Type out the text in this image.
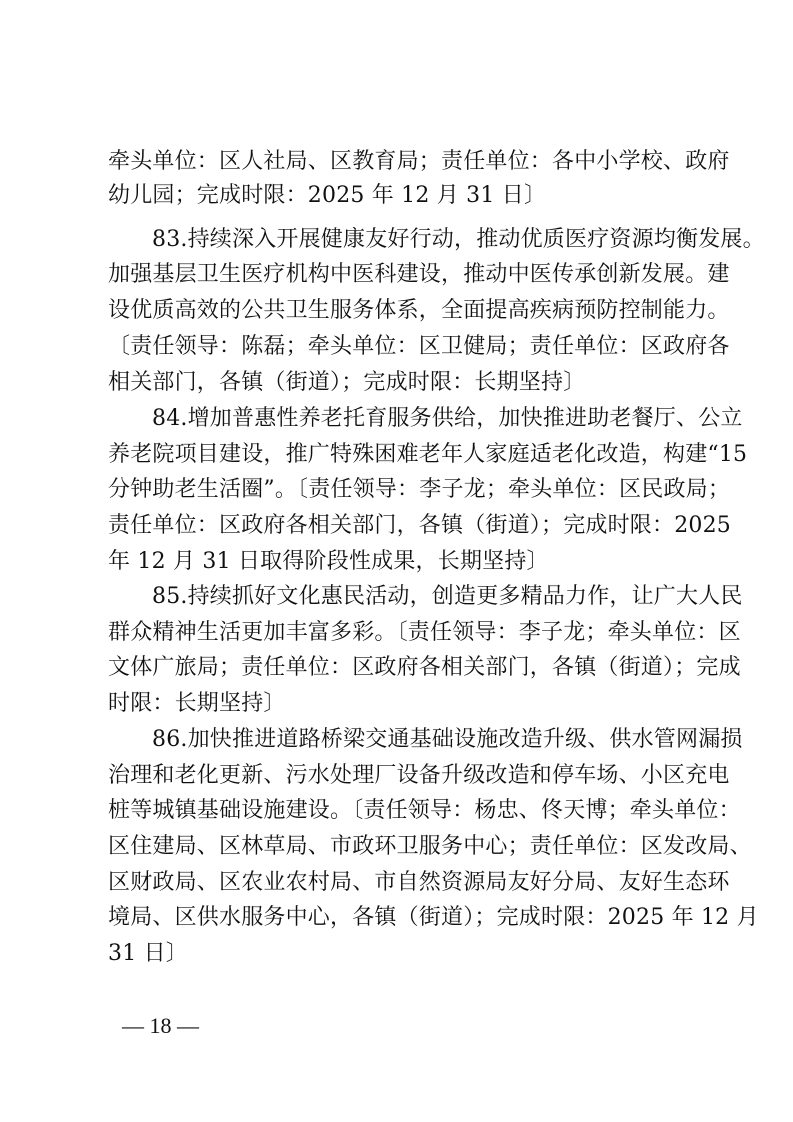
牵头单位：区人社局、区教育局；责任单位：各中小学校、政府
幼儿园；完成时限：2025 年 12 月 31 日〕
83.持续深入开展健康友好行动，推动优质医疗资源均衡发展。
加强基层卫生医疗机构中医科建设，推动中医传承创新发展。建
设优质高效的公共卫生服务体系，全面提高疾病预防控制能力。
〔责任领导：陈磊；牵头单位：区卫健局；责任单位：区政府各
相关部门，各镇（街道）；完成时限：长期坚持〕
84.增加普惠性养老托育服务供给，加快推进助老餐厅、公立
养老院项目建设，推广特殊困难老年人家庭适老化改造，构建“15
分钟助老生活圈”。〔责任领导：李子龙；牵头单位：区民政局；
责任单位：区政府各相关部门，各镇（街道）；完成时限：2025
年 12 月 31 日取得阶段性成果，长期坚持〕
85.持续抓好文化惠民活动，创造更多精品力作，让广大人民
群众精神生活更加丰富多彩。〔责任领导：李子龙；牵头单位：区
文体广旅局；责任单位：区政府各相关部门，各镇（街道）；完成
时限：长期坚持〕
86.加快推进道路桥梁交通基础设施改造升级、供水管网漏损
治理和老化更新、污水处理厂设备升级改造和停车场、小区充电
桩等城镇基础设施建设。〔责任领导：杨忠、佟天博；牵头单位：
区住建局、区林草局、市政环卫服务中心；责任单位：区发改局、
区财政局、区农业农村局、市自然资源局友好分局、友好生态环
境局、区供水服务中心，各镇（街道）；完成时限：2025 年 12 月
31 日〕
— 18 —
